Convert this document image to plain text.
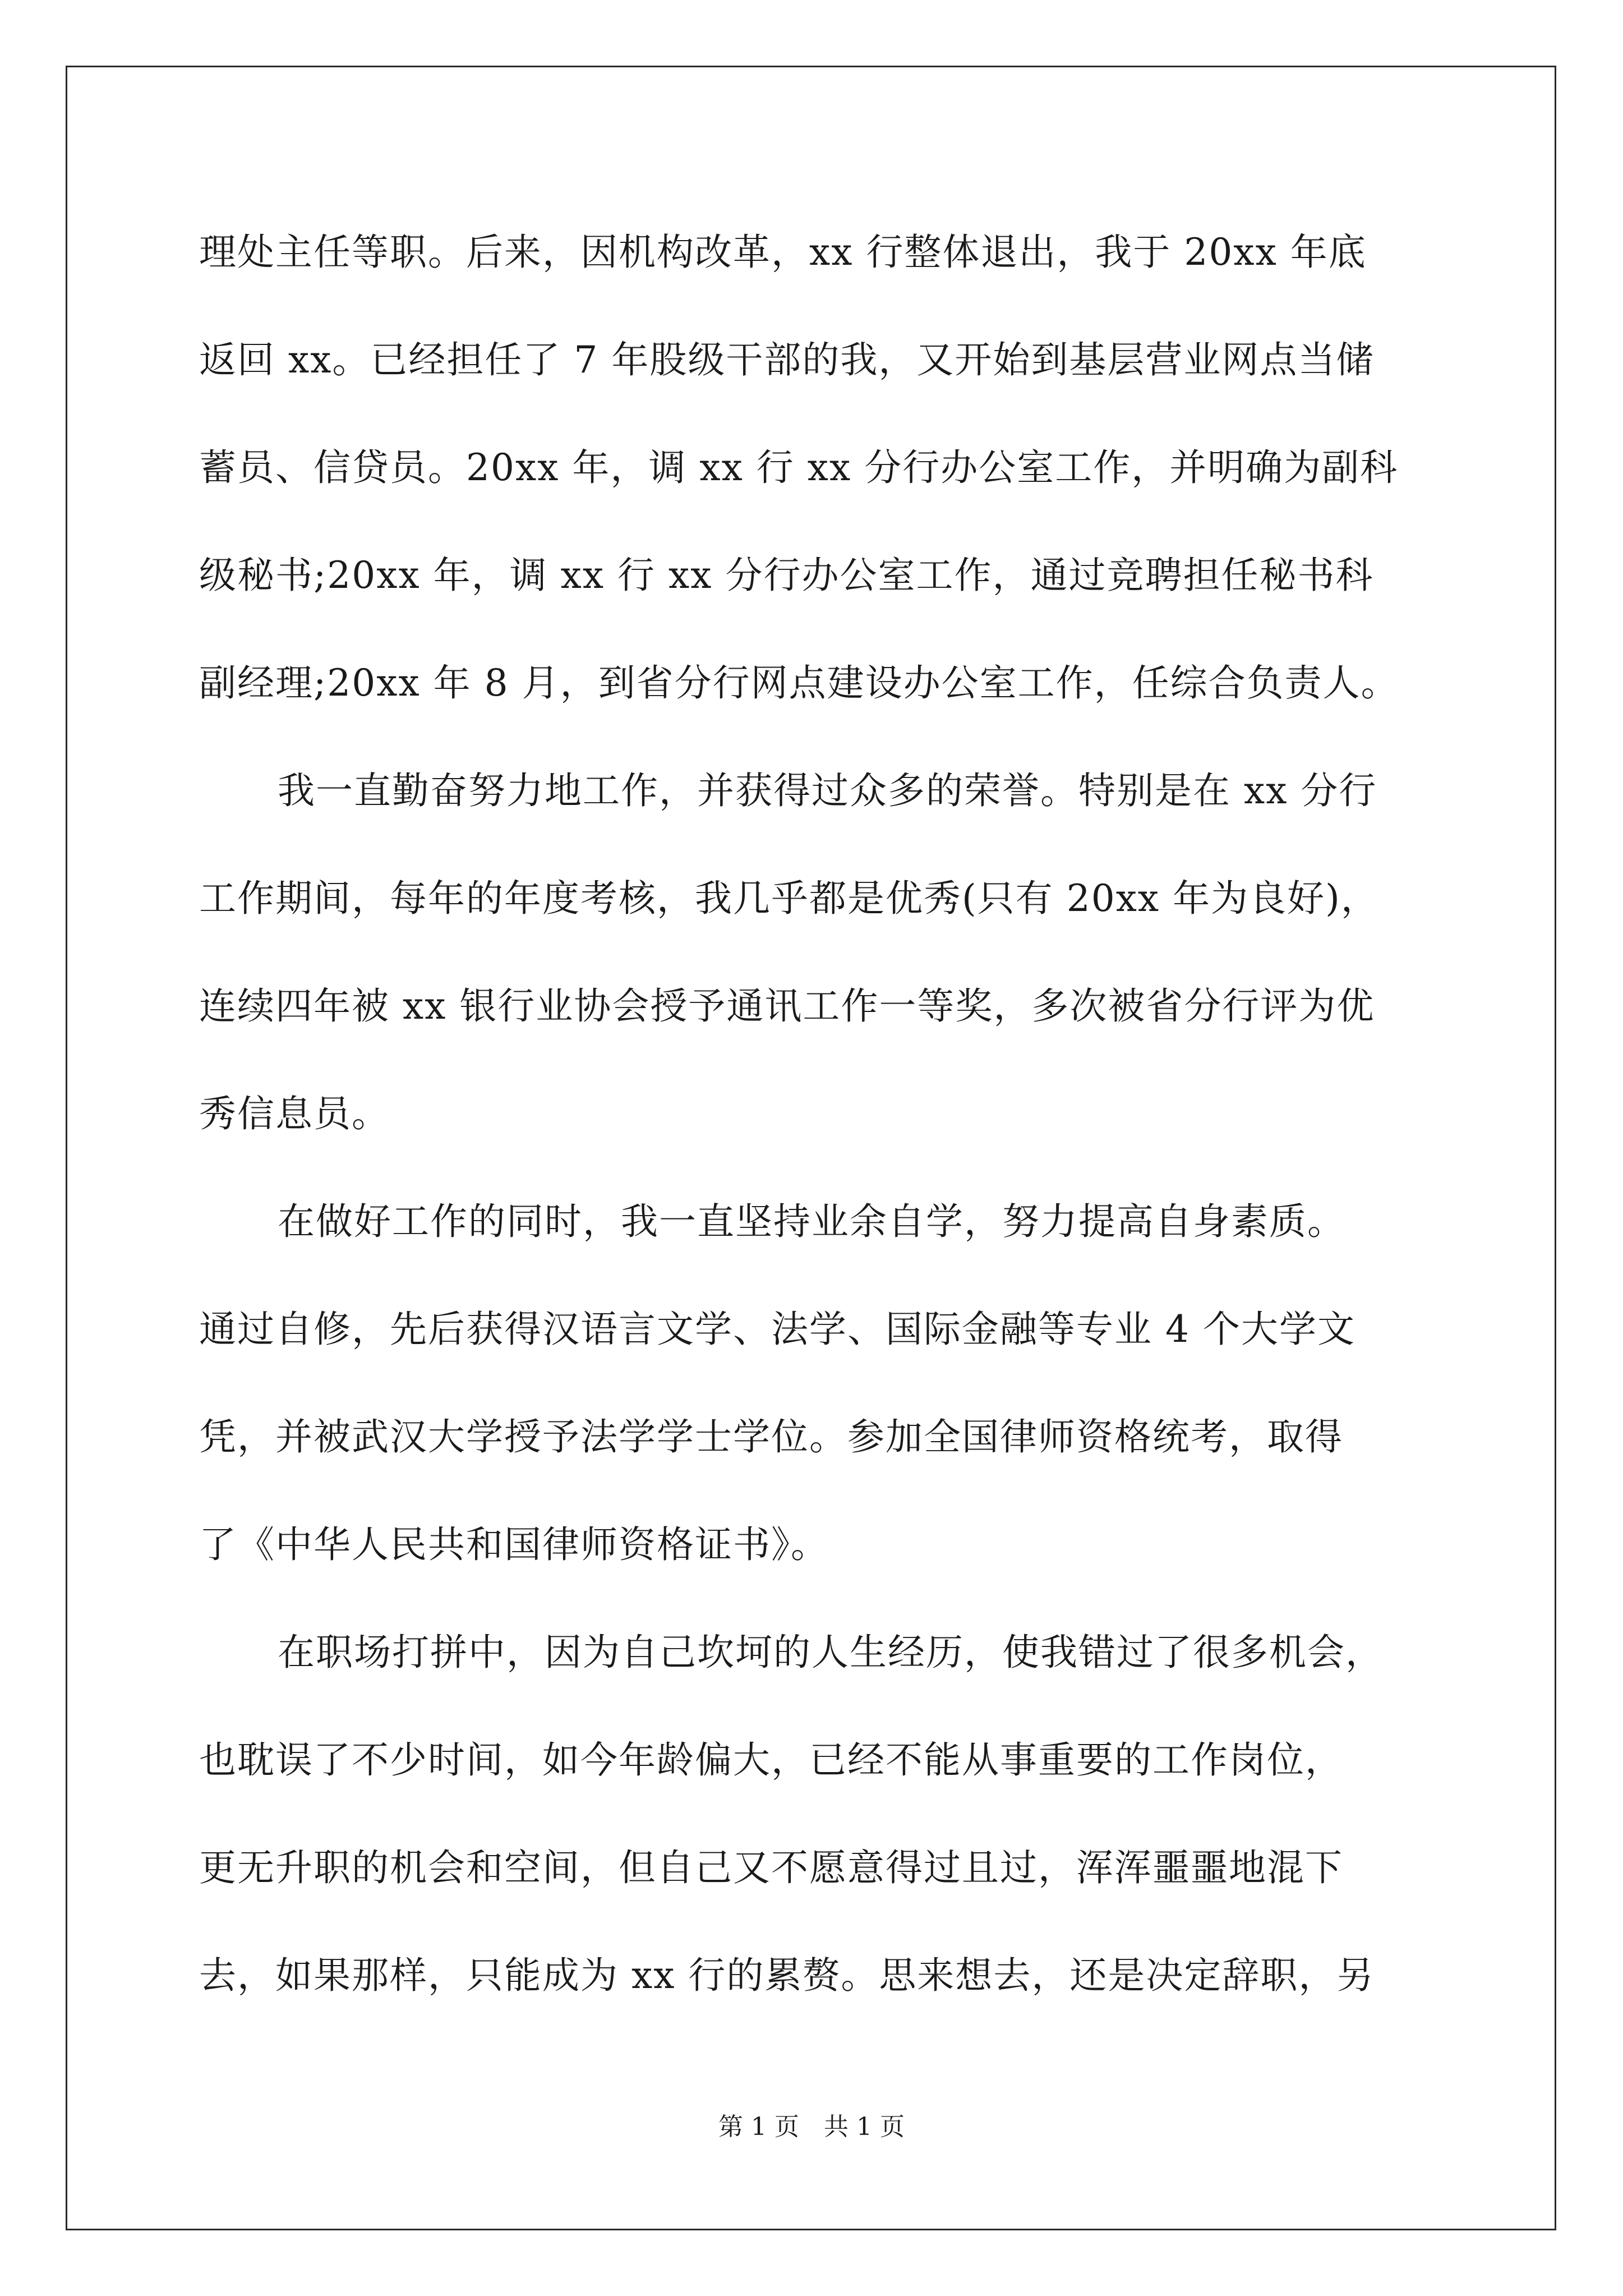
理处主任等职。后来，因机构改革，xx 行整体退出，我于 20xx 年底
返回 xx。已经担任了 7 年股级干部的我，又开始到基层营业网点当储
蓄员、信贷员。20xx 年，调 xx 行 xx 分行办公室工作，并明确为副科
级秘书;20xx 年，调 xx 行 xx 分行办公室工作，通过竞聘担任秘书科
副经理;20xx 年 8 月，到省分行网点建设办公室工作，任综合负责人。
我一直勤奋努力地工作，并获得过众多的荣誉。特别是在 xx 分行
工作期间，每年的年度考核，我几乎都是优秀(只有 20xx 年为良好)，
连续四年被 xx 银行业协会授予通讯工作一等奖，多次被省分行评为优
秀信息员。
在做好工作的同时，我一直坚持业余自学，努力提高自身素质。
通过自修，先后获得汉语言文学、法学、国际金融等专业 4 个大学文
凭，并被武汉大学授予法学学士学位。参加全国律师资格统考，取得
了《中华人民共和国律师资格证书》。
在职场打拼中，因为自己坎坷的人生经历，使我错过了很多机会，
也耽误了不少时间，如今年龄偏大，已经不能从事重要的工作岗位，
更无升职的机会和空间，但自己又不愿意得过且过，浑浑噩噩地混下
去，如果那样，只能成为 xx 行的累赘。思来想去，还是决定辞职，另
第 1 页　共 1 页
